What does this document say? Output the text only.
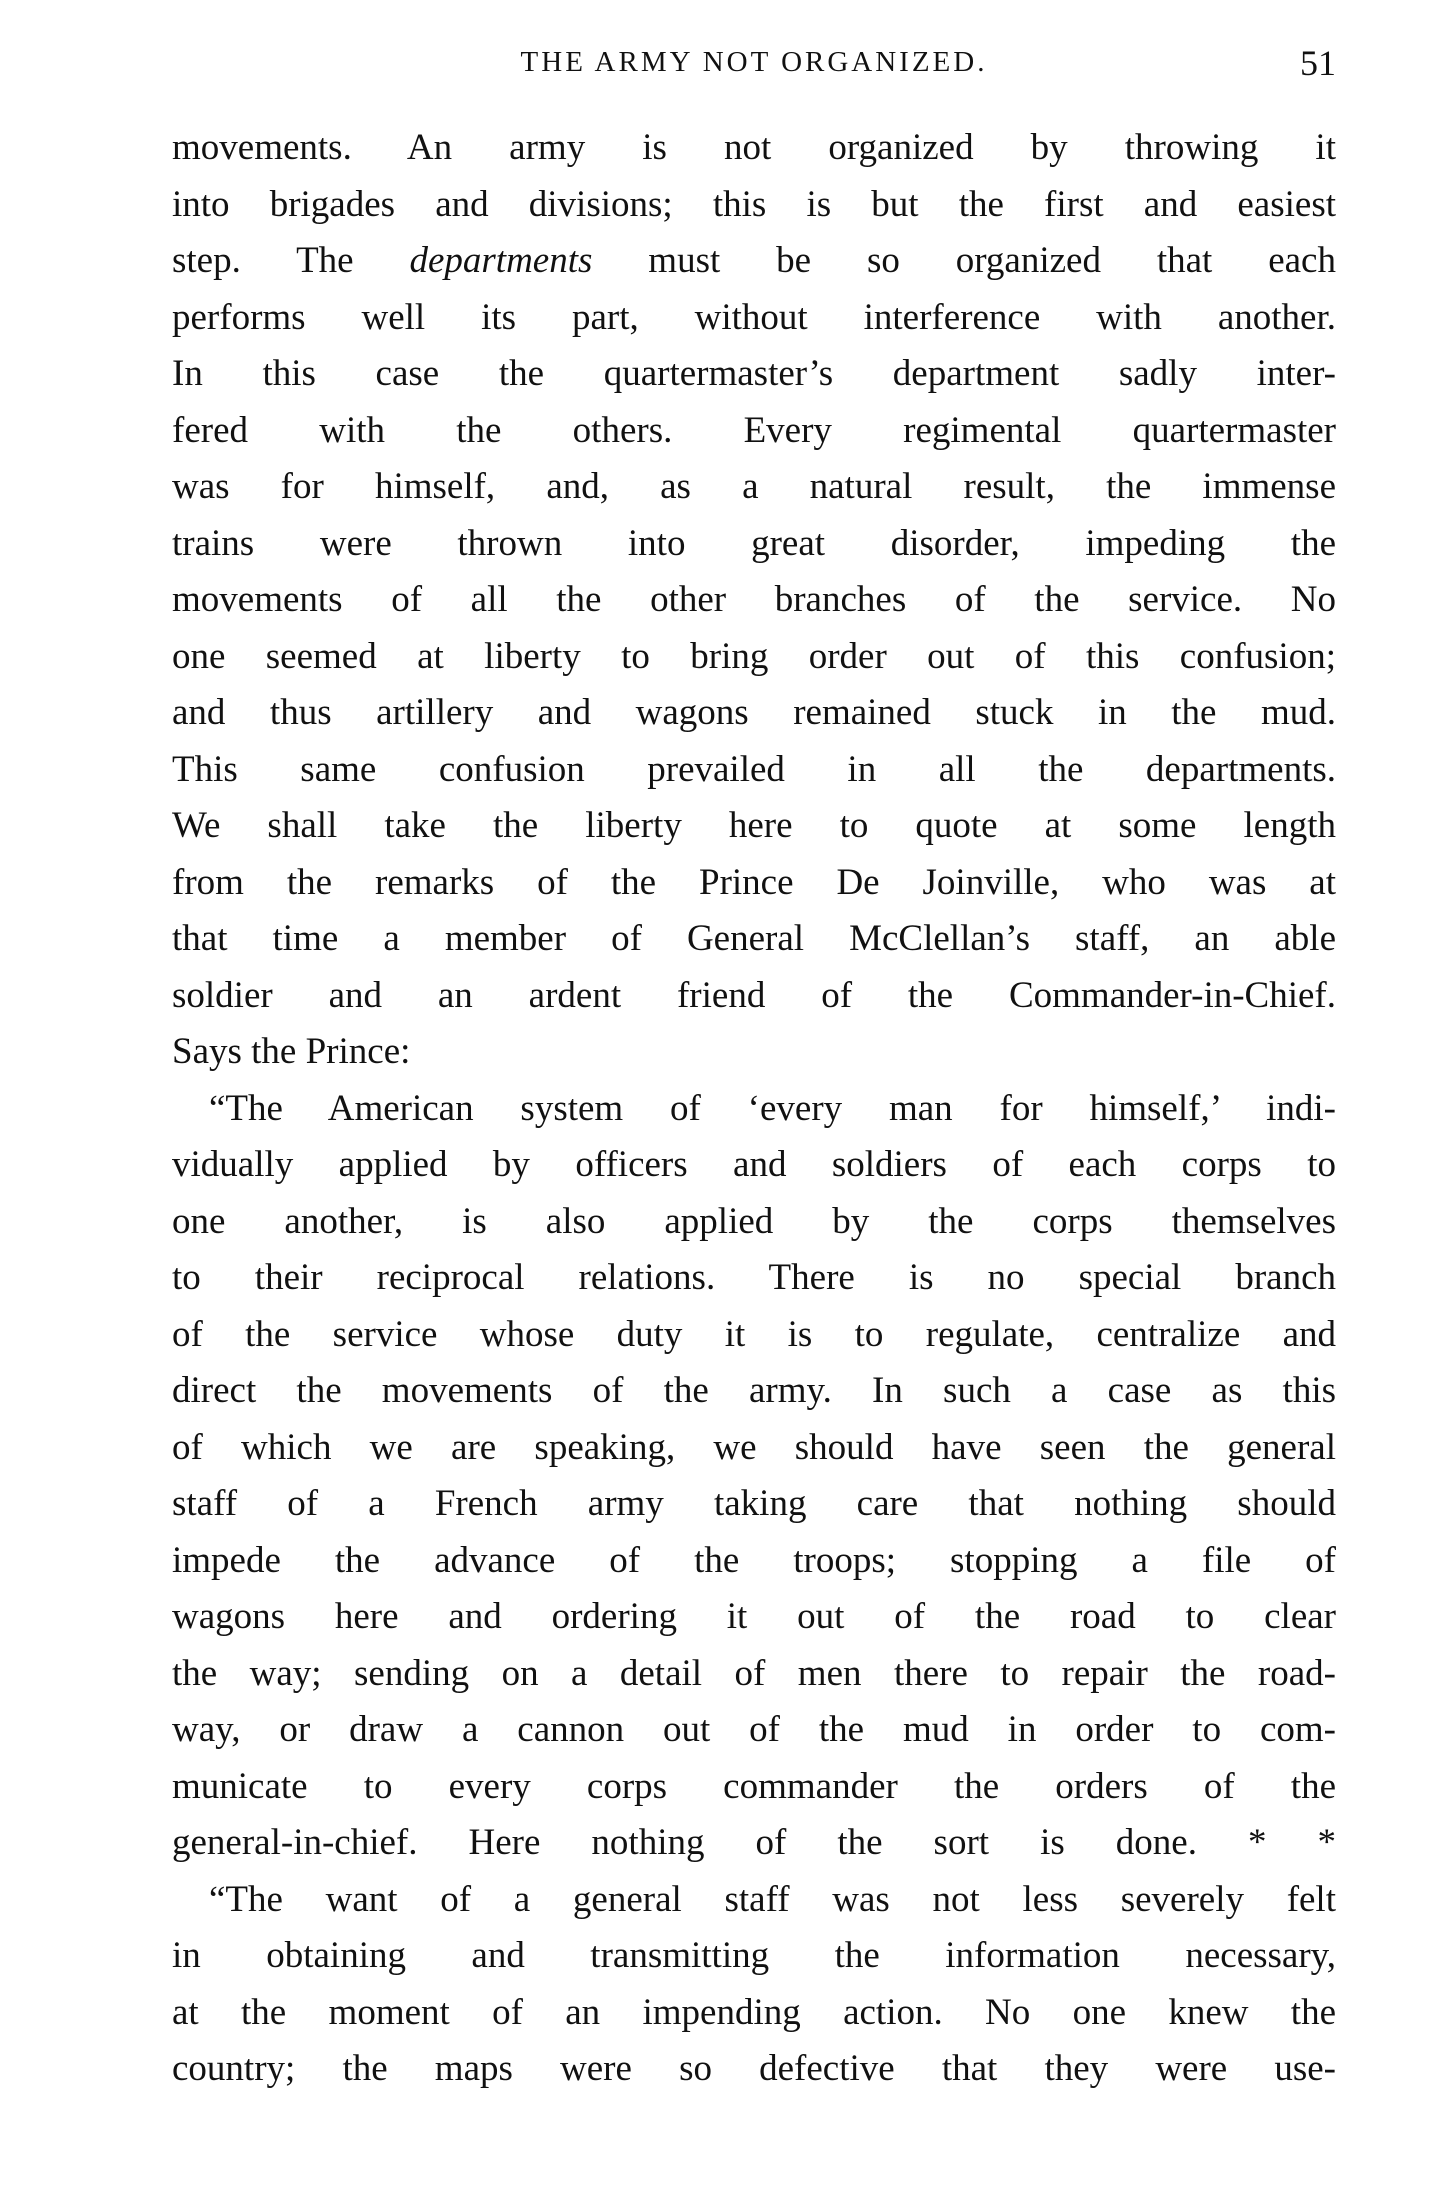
THE ARMY NOT ORGANIZED.	51
movements. An army is not organized by throwing it
into brigades and divisions; this is but the first and easiest
step. The departments must be so organized that each
performs well its part, without interference with another.
In this case the quartermaster’s department sadly inter-
fered with the others. Every regimental quartermaster
was for himself, and, as a natural result, the immense
trains were thrown into great disorder, impeding the
movements of all the other branches of the service. No
one seemed at liberty to bring order out of this confusion;
and thus artillery and wagons remained stuck in the mud.
This same confusion prevailed in all the departments.
We shall take the liberty here to quote at some length
from the remarks of the Prince De Joinville, who was at
that time a member of General McClellan’s staff, an able
soldier and an ardent friend of the Commander-in-Chief.
Says the Prince:
“The American system of ‘every man for himself,’ indi-
vidually applied by officers and soldiers of each corps to
one another, is also applied by the corps themselves
to their reciprocal relations. There is no special branch
of the service whose duty it is to regulate, centralize and
direct the movements of the army. In such a case as this
of which we are speaking, we should have seen the general
staff of a French army taking care that nothing should
impede the advance of the troops; stopping a file of
wagons here and ordering it out of the road to clear
the way; sending on a detail of men there to repair the road-
way, or draw a cannon out of the mud in order to com-
municate to every corps commander the orders of the
general-in-chief. Here nothing of the sort is done. * *
“The want of a general staff was not less severely felt
in obtaining and transmitting the information necessary,
at the moment of an impending action. No one knew the
country; the maps were so defective that they were use-
